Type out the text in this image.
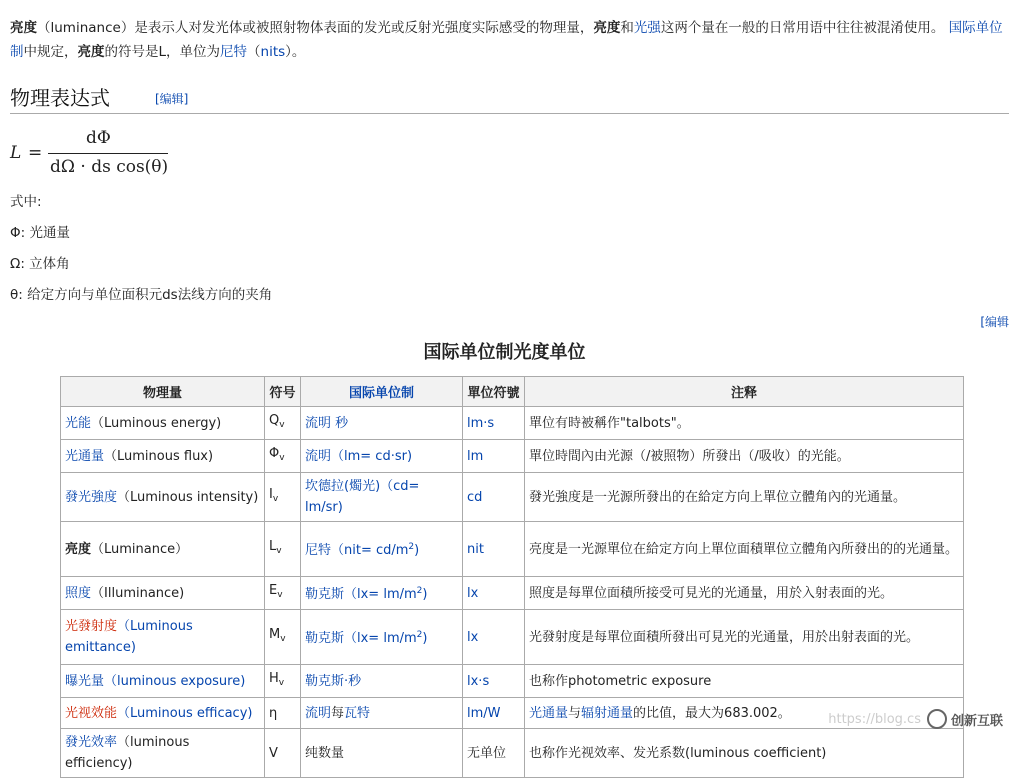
亮度（luminance）是表示人对发光体或被照射物体表面的发光或反射光强度实际感受的物理量，亮度和光强这两个量在一般的日常用语中往往被混淆使用。 国际单位制中规定，亮度的符号是L，单位为尼特（nits）。
物理表达式	[编辑]
L =
dΦ
dΩ · ds cos(θ)
式中:
Φ: 光通量
Ω: 立体角
θ: 给定方向与单位面积元ds法线方向的夹角
[编辑
国际单位制光度单位
物理量	符号	国际单位制	單位符號	注释
光能（Luminous energy)	$Q_v$	流明 秒	lm·s	單位有時被稱作"talbots"。
光通量（Luminous flux)	$\Phi_v$	流明（lm= cd·sr)	lm	單位時間內由光源（/被照物）所發出（/吸收）的光能。
發光強度（Luminous intensity)	$I_v$	坎德拉(燭光)（cd= lm/sr)	cd	發光強度是一光源所發出的在給定方向上單位立體角內的光通量。
亮度（Luminance）	$L_v$	尼特$(nit= cd/m^2)$	nit	亮度是一光源單位在給定方向上單位面積單位立體角內所發出的的光通量。
照度（Illuminance)	$E_v$	勒克斯$(lx= lm/m^2)$	lx	照度是每單位面積所接受可見光的光通量，用於入射表面的光。
光發射度（Luminous emittance)	$M_v$	勒克斯$(lx= lm/m^2)$	lx	光發射度是每單位面積所發出可見光的光通量，用於出射表面的光。
曝光量（luminous exposure)	$H_v$	勒克斯·秒	lx·s	也称作photometric exposure
光视效能（Luminous efficacy)	η	流明每瓦特	lm/W	光通量与辐射通量的比值，最大为683.002。
發光效率（luminous efficiency)	V	纯数量	无单位	也称作光视效率、发光系数(luminous coefficient)
https://blog.cs 创新互联
